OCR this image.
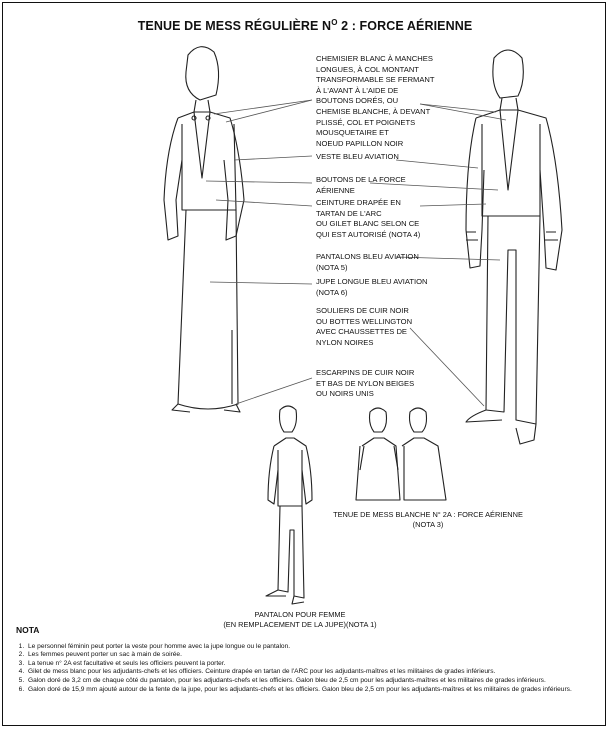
TENUE DE MESS RÉGULIÈRE $N^O$ 2 : FORCE AÉRIENNE
CHEMISIER BLANC À MANCHES
LONGUES, À COL MONTANT
TRANSFORMABLE SE FERMANT
À L'AVANT À L'AIDE DE
BOUTONS DORÉS, OU
CHEMISE BLANCHE, À DEVANT
PLISSÉ, COL ET POIGNETS
MOUSQUETAIRE ET
NOEUD PAPILLON NOIR
VESTE BLEU AVIATION
BOUTONS DE LA FORCE
AÉRIENNE
CEINTURE DRAPÉE EN
TARTAN DE L'ARC
OU GILET BLANC SELON CE
QUI EST AUTORISÉ (NOTA 4)
PANTALONS BLEU AVIATION
(NOTA 5)
JUPE LONGUE BLEU AVIATION
(NOTA 6)
SOULIERS DE CUIR NOIR
OU BOTTES WELLINGTON
AVEC CHAUSSETTES DE
NYLON NOIRES
ESCARPINS DE CUIR NOIR
ET BAS DE NYLON BEIGES
OU NOIRS UNIS
TENUE DE MESS BLANCHE N° 2A : FORCE AÉRIENNE
(NOTA 3)
PANTALON POUR FEMME
(EN REMPLACEMENT DE LA JUPE)(NOTA 1)
NOTA
1. Le personnel féminin peut porter la veste pour homme avec la jupe longue ou le pantalon.
2. Les femmes peuvent porter un sac à main de soirée.
3. La tenue n° 2A est facultative et seuls les officiers peuvent la porter.
4. Gilet de mess blanc pour les adjudants-chefs et les officiers. Ceinture drapée en tartan de l'ARC pour les adjudants-maîtres et les militaires de grades inférieurs.
5. Galon doré de 3,2 cm de chaque côté du pantalon, pour les adjudants-chefs et les officiers. Galon bleu de 2,5 cm pour les adjudants-maîtres et les militaires de grades inférieurs.
6. Galon doré de 15,9 mm ajouté autour de la fente de la jupe, pour les adjudants-chefs et les officiers. Galon bleu de 2,5 cm pour les adjudants-maîtres et les militaires de grades inférieurs.
